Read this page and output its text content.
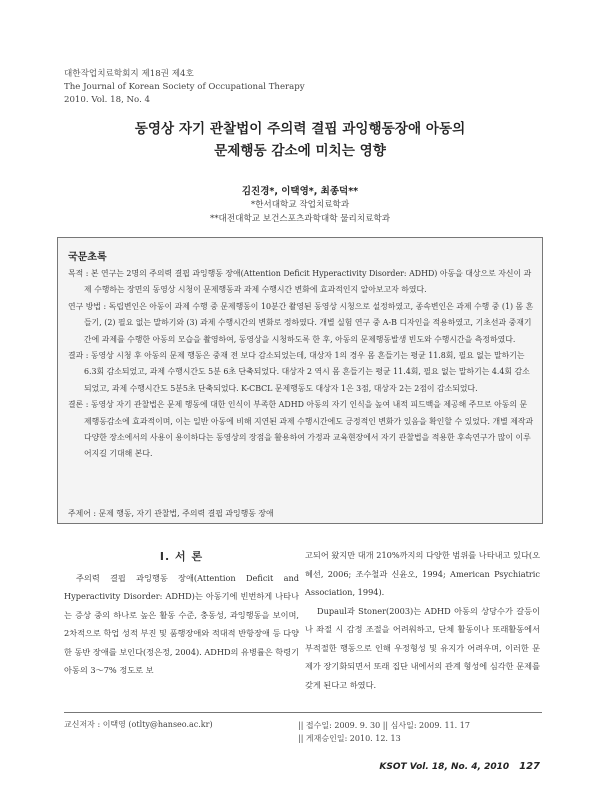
대한작업치료학회지 제18권 제4호
The Journal of Korean Society of Occupational Therapy
2010. Vol. 18, No. 4
동영상 자기 관찰법이 주의력 결핍 과잉행동장애 아동의
문제행동 감소에 미치는 영향
김진경*, 이택영*, 최종덕**
*한서대학교 작업치료학과
**대전대학교 보건스포츠과학대학 물리치료학과
국문초록

목적 : 본 연구는 2명의 주의력 결핍 과잉행동 장애(Attention Deficit Hyperactivity Disorder: ADHD) 아동을 대상으로 자신이 과제 수행하는 장면의 동영상 시청이 문제행동과 과제 수행시간 변화에 효과적인지 알아보고자 하였다.

연구 방법 : 독립변인은 아동이 과제 수행 중 문제행동이 10분간 촬영된 동영상 시청으로 설정하였고, 종속변인은 과제 수행 중 (1) 몸 흔들기, (2) 필요 없는 말하기와 (3) 과제 수행시간의 변화로 정하였다. 개별 실험 연구 중 A-B 디자인을 적용하였고, 기초선과 중재기간에 과제를 수행한 아동의 모습을 촬영하여, 동영상을 시청하도록 한 후, 아동의 문제행동발생 빈도와 수행시간을 측정하였다.

결과 : 동영상 시청 후 아동의 문제 행동은 중재 전 보다 감소되었는데, 대상자 1의 경우 몸 흔들기는 평균 11.8회, 필요 없는 말하기는 6.3회 감소되었고, 과제 수행시간도 5분 6초 단축되었다. 대상자 2 역시 몸 흔들기는 평균 11.4회, 필요 없는 말하기는 4.4회 감소되었고, 과제 수행시간도 5분5초 단축되었다. K-CBCL 문제행동도 대상자 1은 3점, 대상자 2는 2점이 감소되었다.

결론 : 동영상 자기 관찰법은 문제 행동에 대한 인식이 부족한 ADHD 아동의 자기 인식을 높여 내적 피드백을 제공해 주므로 아동의 문제행동감소에 효과적이며, 이는 일반 아동에 비해 지연된 과제 수행시간에도 긍정적인 변화가 있음을 확인할 수 있었다. 개별 제작과 다양한 장소에서의 사용이 용이하다는 동영상의 장점을 활용하여 가정과 교육현장에서 자기 관찰법을 적용한 후속연구가 많이 이루어지길 기대해 본다.

주제어 : 문제 행동, 자기 관찰법, 주의력 결핍 과잉행동 장애
Ⅰ. 서 론

주의력 결핍 과잉행동 장애(Attention Deficit and Hyperactivity Disorder: ADHD)는 아동기에 빈번하게 나타나는 증상 중의 하나로 높은 활동 수준, 충동성, 과잉행동을 보이며, 2차적으로 학업 성적 부진 및 품행장애와 적대적 반항장애 등 다양한 동반 장애를 보인다(정은정, 2004). ADHD의 유병률은 학령기 아동의 3～7% 정도로 보

고되어 왔지만 대개 210%까지의 다양한 범위를 나타내고 있다(오혜선, 2006; 조수철과 신윤오, 1994; American Psychiatric Association, 1994).

Dupaul과 Stoner(2003)는 ADHD 아동의 상당수가 갈등이나 좌절 시 감정 조절을 어려워하고, 단체 활동이나 또래활동에서 부적절한 행동으로 인해 우정형성 및 유지가 어려우며, 이러한 문제가 장기화되면서 또래 집단 내에서의 관계 형성에 심각한 문제를 갖게 된다고 하였다.

교신저자 : 이택영 (otlty@hanseo.ac.kr)	|| 접수일: 2009. 9. 30 || 심사일: 2009. 11. 17
|| 게재승인일: 2010. 12. 13
KSOT Vol. 18, No. 4, 2010 127
